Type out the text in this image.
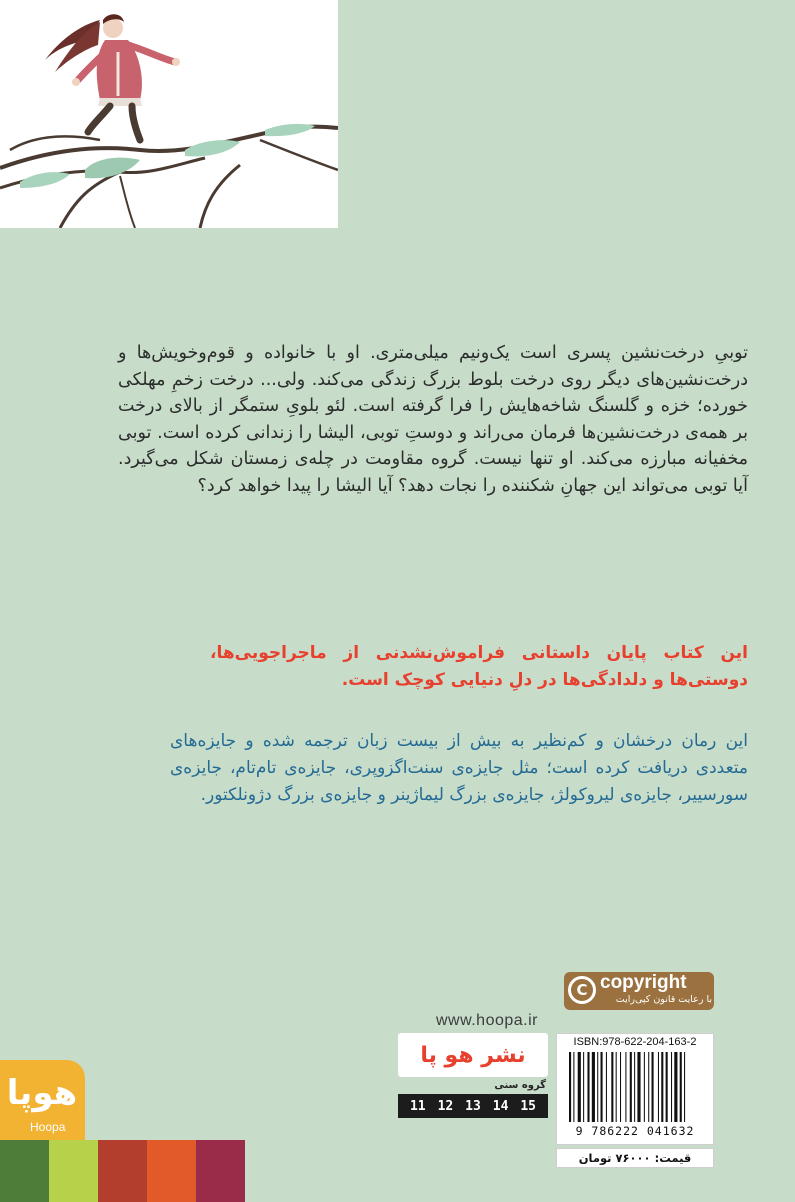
توبیِ درخت‌نشین پسری است یک‌ونیم میلی‌متری. او با خانواده و قوم‌وخویش‌ها و درخت‌نشین‌های دیگر روی درخت بلوط بزرگ زندگی می‌کند. ولی... درخت زخمِ مهلکی خورده؛ خزه و گلسنگ شاخه‌هایش را فرا گرفته است. لئو بلویِ ستمگر از بالای درخت بر همه‌ی درخت‌نشین‌ها فرمان می‌راند و دوستِ توبی، الیشا را زندانی کرده است. توبی مخفیانه مبارزه می‌کند. او تنها نیست. گروه مقاومت در چله‌ی زمستان شکل می‌گیرد. آیا توبی می‌تواند این جهانِ شکننده را نجات دهد؟ آیا الیشا را پیدا خواهد کرد؟

این کتاب پایان داستانی فراموش‌نشدنی از ماجراجویی‌ها، دوستی‌ها و دلدادگی‌ها در دلِ دنیایی کوچک است.

این رمان درخشان و کم‌نظیر به بیش از بیست زبان ترجمه شده و جایزه‌های متعددی دریافت کرده است؛ مثل جایزه‌ی سنت‌اگزوپری، جایزه‌ی تام‌تام، جایزه‌ی سورسییر، جایزه‌ی لیروکولژ، جایزه‌ی بزرگ لیماژینر و جایزه‌ی بزرگ دژونلکتور.

C copyright
با رعایت قانون کپی‌رایت
www.hoopa.ir
نشر هو پا
گروه سنی
11 12 13 14 15
ISBN:978-622-204-163-2
9 786222 041632
قیمت: ۷۶۰۰۰ تومان
هوپا
Hoopa
